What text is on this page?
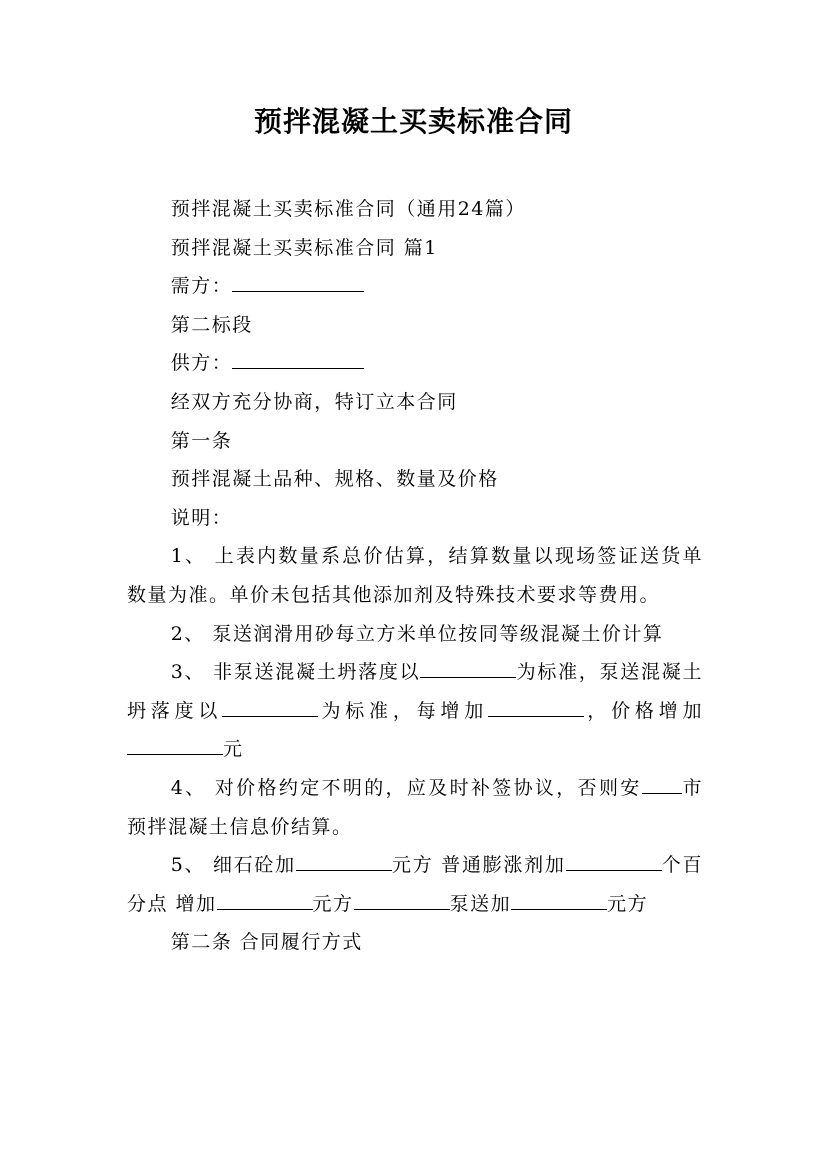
预拌混凝土买卖标准合同

预拌混凝土买卖标准合同（通用24篇）

预拌混凝土买卖标准合同 篇1

需方：

第二标段

供方：

经双方充分协商，特订立本合同

第一条

预拌混凝土品种、规格、数量及价格

说明：

1、 上表内数量系总价估算，结算数量以现场签证送货单数量为准。单价未包括其他添加剂及特殊技术要求等费用。

2、 泵送润滑用砂每立方米单位按同等级混凝土价计算

3、 非泵送混凝土坍落度以	为标准，泵送混凝土坍落度以	为标准，每增加	，价格增加元

4、 对价格约定不明的，应及时补签协议，否则安 市预拌混凝土信息价结算。

5、 细石砼加	元方 普通膨涨剂加	个百分点 增加	元方	泵送加	元方

第二条 合同履行方式
